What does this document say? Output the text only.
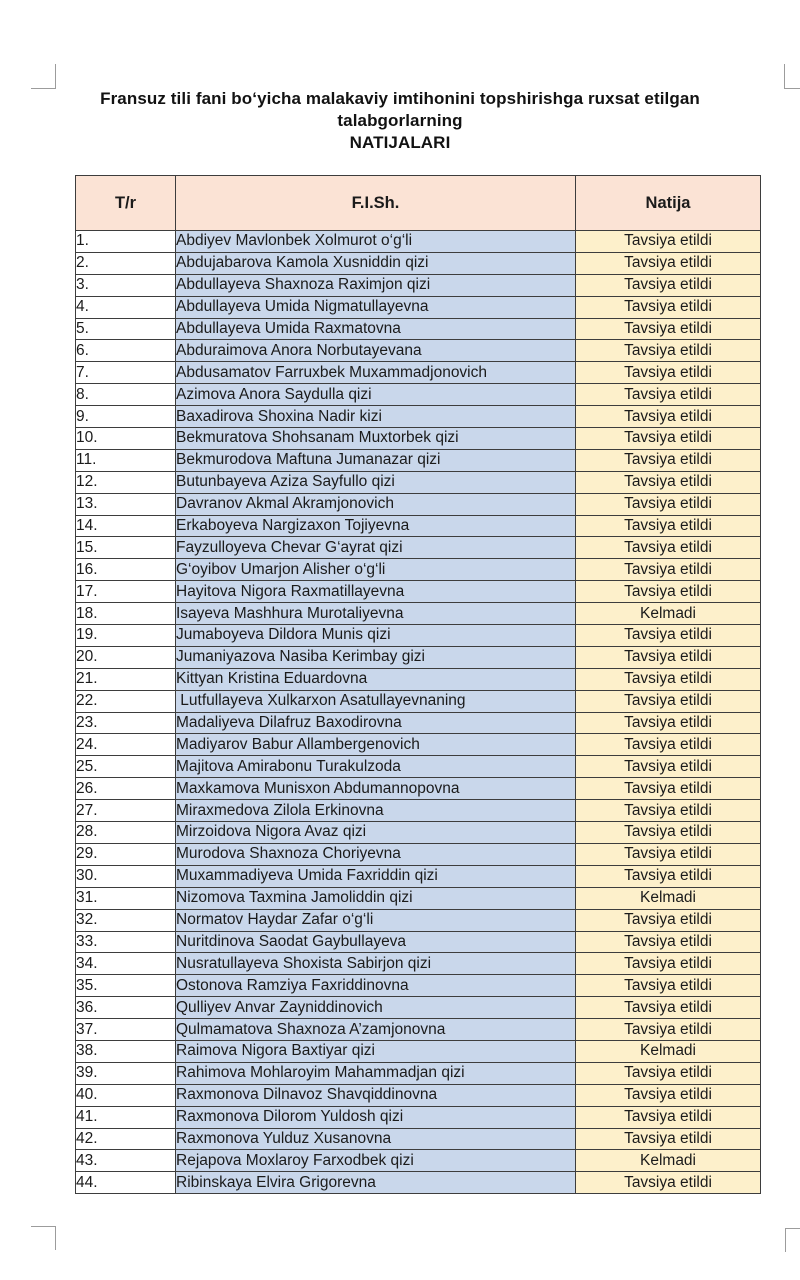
Fransuz tili fani bo‘yicha malakaviy imtihonini topshirishga ruxsat etilgan
talabgorlarning
NATIJALARI
T/r	F.I.Sh.	Natija
1.	Abdiyev Mavlonbek Xolmurot o‘g‘li	Tavsiya etildi
2.	Abdujabarova Kamola Xusniddin qizi	Tavsiya etildi
3.	Abdullayeva Shaxnoza Raximjon qizi	Tavsiya etildi
4.	Abdullayeva Umida Nigmatullayevna	Tavsiya etildi
5.	Abdullayeva Umida Raxmatovna	Tavsiya etildi
6.	Abduraimova Anora Norbutayevana	Tavsiya etildi
7.	Abdusamatov Farruxbek Muxammadjonovich	Tavsiya etildi
8.	Azimova Anora Saydulla qizi	Tavsiya etildi
9.	Baxadirova Shoxina Nadir kizi	Tavsiya etildi
10.	Bekmuratova Shohsanam Muxtorbek qizi	Tavsiya etildi
11.	Bekmurodova Maftuna Jumanazar qizi	Tavsiya etildi
12.	Butunbayeva Aziza Sayfullo qizi	Tavsiya etildi
13.	Davranov Akmal Akramjonovich	Tavsiya etildi
14.	Erkaboyeva Nargizaxon Tojiyevna	Tavsiya etildi
15.	Fayzulloyeva Chevar G‘ayrat qizi	Tavsiya etildi
16.	G‘oyibov Umarjon Alisher o‘g‘li	Tavsiya etildi
17.	Hayitova Nigora Raxmatillayevna	Tavsiya etildi
18.	Isayeva Mashhura Murotaliyevna	Kelmadi
19.	Jumaboyeva Dildora Munis qizi	Tavsiya etildi
20.	Jumaniyazova Nasiba Kerimbay gizi	Tavsiya etildi
21.	Kittyan Kristina Eduardovna	Tavsiya etildi
22.	Lutfullayeva Xulkarxon Asatullayevnaning	Tavsiya etildi
23.	Madaliyeva Dilafruz Baxodirovna	Tavsiya etildi
24.	Madiyarov Babur Allambergenovich	Tavsiya etildi
25.	Majitova Amirabonu Turakulzoda	Tavsiya etildi
26.	Maxkamova Munisxon Abdumannopovna	Tavsiya etildi
27.	Miraxmedova Zilola Erkinovna	Tavsiya etildi
28.	Mirzoidova Nigora Avaz qizi	Tavsiya etildi
29.	Murodova Shaxnoza Choriyevna	Tavsiya etildi
30.	Muxammadiyeva Umida Faxriddin qizi	Tavsiya etildi
31.	Nizomova Taxmina Jamoliddin qizi	Kelmadi
32.	Normatov Haydar Zafar o‘g‘li	Tavsiya etildi
33.	Nuritdinova Saodat Gaybullayeva	Tavsiya etildi
34.	Nusratullayeva Shoxista Sabirjon qizi	Tavsiya etildi
35.	Ostonova Ramziya Faxriddinovna	Tavsiya etildi
36.	Qulliyev Anvar Zayniddinovich	Tavsiya etildi
37.	Qulmamatova Shaxnoza A’zamjonovna	Tavsiya etildi
38.	Raimova Nigora Baxtiyar qizi	Kelmadi
39.	Rahimova Mohlaroyim Mahammadjan qizi	Tavsiya etildi
40.	Raxmonova Dilnavoz Shavqiddinovna	Tavsiya etildi
41.	Raxmonova Dilorom Yuldosh qizi	Tavsiya etildi
42.	Raxmonova Yulduz Xusanovna	Tavsiya etildi
43.	Rejapova Moxlaroy Farxodbek qizi	Kelmadi
44.	Ribinskaya Elvira Grigorevna	Tavsiya etildi
